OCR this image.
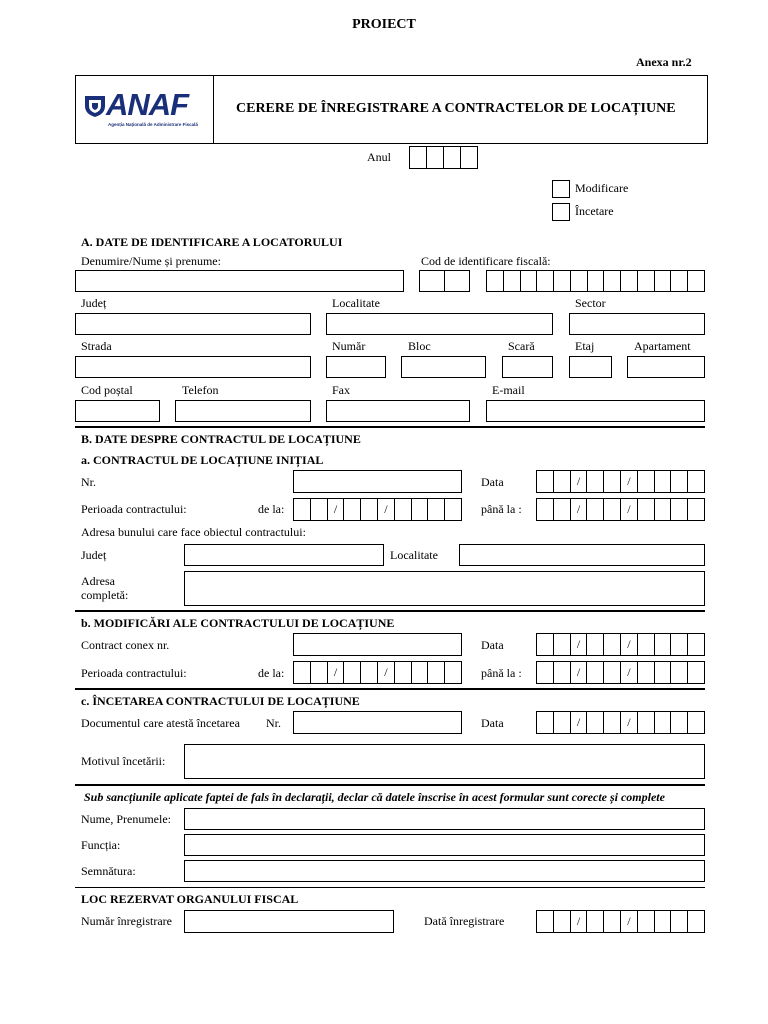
PROIECT
Anexa nr.2
ANAF
Agenția Națională de Administrare Fiscală
CERERE DE ÎNREGISTRARE A CONTRACTELOR DE LOCAȚIUNE
Anul
Modificare
Încetare
A. DATE DE IDENTIFICARE A LOCATORULUI
Denumire/Nume și prenume:	Cod de identificare fiscală:
Județ	Localitate	Sector
Strada	Număr	Bloc	Scară	Etaj	Apartament
Cod poștal	Telefon	Fax	E-mail
B. DATE DESPRE CONTRACTUL DE LOCAȚIUNE
a. CONTRACTUL DE LOCAȚIUNE INIȚIAL
Nr.	Data	/	/
Perioada contractului:	de la:	/	/	până la :	/	/
Adresa bunului care face obiectul contractului:
Județ	Localitate
Adresa
completă:
b. MODIFICĂRI ALE CONTRACTULUI DE LOCAȚIUNE
Contract conex nr.	Data	/	/
Perioada contractului:	de la:	/	/	până la :	/	/
c. ÎNCETAREA CONTRACTULUI DE LOCAȚIUNE
Documentul care atestă încetarea Nr.	Data	/	/
Motivul încetării:
Sub sancțiunile aplicate faptei de fals în declarații, declar că datele înscrise în acest formular sunt corecte și complete
Nume, Prenumele:
Funcția:
Semnătura:
LOC REZERVAT ORGANULUI FISCAL
Număr înregistrare	Dată înregistrare	/	/
